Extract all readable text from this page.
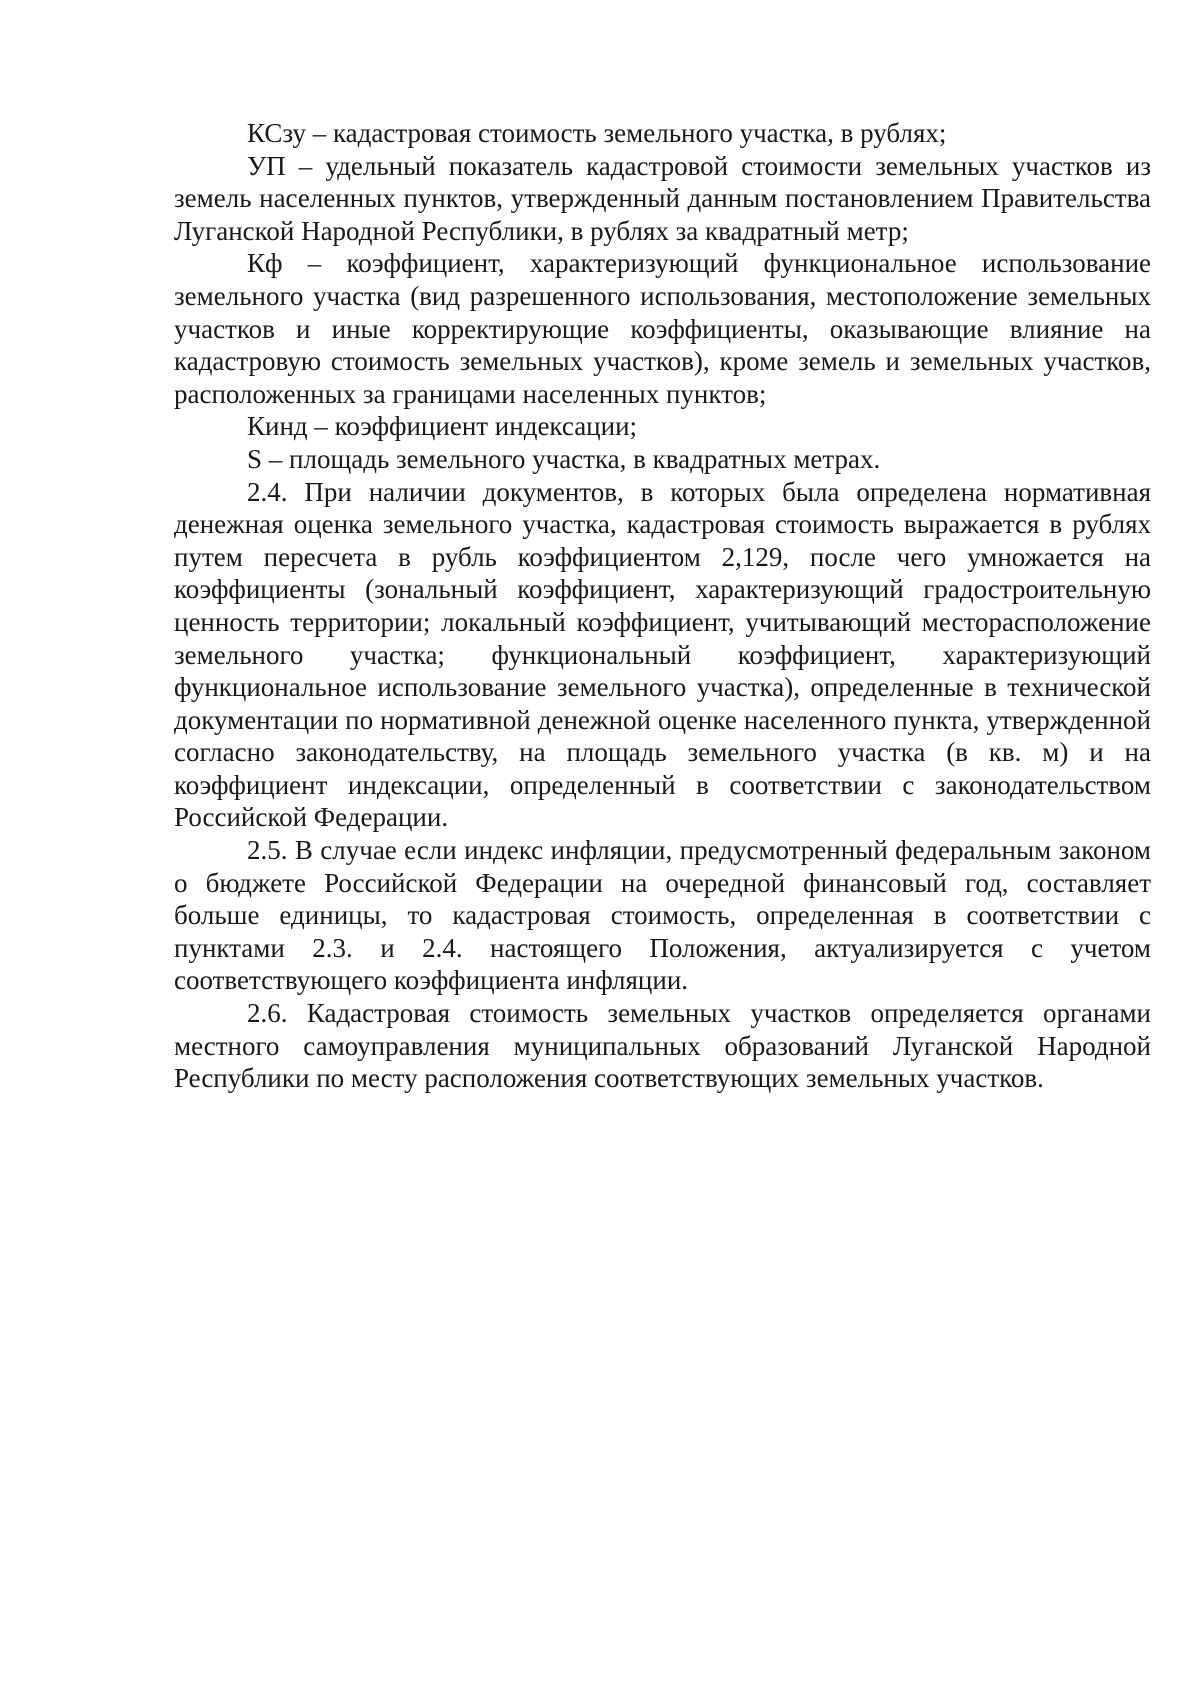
КСзу – кадастровая стоимость земельного участка, в рублях;

УП – удельный показатель кадастровой стоимости земельных участков из земель населенных пунктов, утвержденный данным постановлением Правительства Луганской Народной Республики, в рублях за квадратный метр;

Кф – коэффициент, характеризующий функциональное использование земельного участка (вид разрешенного использования, местоположение земельных участков и иные корректирующие коэффициенты, оказывающие влияние на кадастровую стоимость земельных участков), кроме земель и земельных участков, расположенных за границами населенных пунктов;

Кинд – коэффициент индексации;

S – площадь земельного участка, в квадратных метрах.

2.4. При наличии документов, в которых была определена нормативная денежная оценка земельного участка, кадастровая стоимость выражается в рублях путем пересчета в рубль коэффициентом 2,129, после чего умножается на коэффициенты (зональный коэффициент, характеризующий градостроительную ценность территории; локальный коэффициент, учитывающий месторасположение земельного участка; функциональный коэффициент, характеризующий функциональное использование земельного участка), определенные в технической документации по нормативной денежной оценке населенного пункта, утвержденной согласно законодательству, на площадь земельного участка (в кв. м) и на коэффициент индексации, определенный в соответствии с законодательством Российской Федерации.

2.5. В случае если индекс инфляции, предусмотренный федеральным законом о бюджете Российской Федерации на очередной финансовый год, составляет больше единицы, то кадастровая стоимость, определенная в соответствии с пунктами 2.3. и 2.4. настоящего Положения, актуализируется с учетом соответствующего коэффициента инфляции.

2.6. Кадастровая стоимость земельных участков определяется органами местного самоуправления муниципальных образований Луганской Народной Республики по месту расположения соответствующих земельных участков.
